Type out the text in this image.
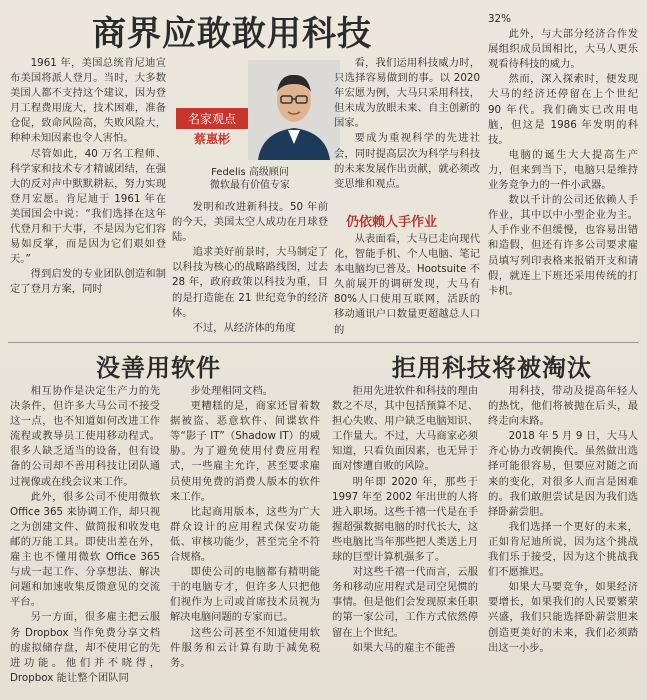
商界应敢敢用科技

1961 年，美国总统肯尼迪宣布美国将派人登月。当时，大多数美国人都不支持这个建议，因为登月工程费用庞大，技术困难，准备仓促，致命风险高，失败风险大，种种未知因素也令人害怕。

尽管如此，40 万名工程师、科学家和技术专才精诚团结，在强大的反对声中默默耕耘，努力实现登月宏愿。肯尼迪于 1961 年在美国国会中说：“我们选择在这年代登月和干大事，不是因为它们容易如反掌，而是因为它们艰如登天。”

得到启发的专业团队创造和制定了登月方案，同时

名家观点
蔡惠彬
Fedelis 高级顾问
微软最有价值专家

发明和改进新科技。50 年前的今天，美国太空人成功在月球登陆。

追求美好前景时，大马制定了以科技为核心的战略路线图，过去 28 年，政府政策以科技为重，目的是打造能在 21 世纪竞争的经济体。

不过，从经济体的角度

看，我们运用科技威力时，只选择容易做到的事。以 2020 年宏愿为例，大马只采用科技，但未成为放眼未来、自主创新的国家。

要成为重视科学的先进社会，同时提高层次为科学与科技的未来发展作出贡献，就必须改变思维和观点。

仍依赖人手作业

从表面看，大马已走向现代化，智能手机、个人电脑、笔记本电脑均已普及。Hootsuite 不久前展开的调研发现，大马有 80%人口使用互联网，活跃的移动通讯户口数量更超越总人口的

32%

此外，与大部分经济合作发展组织成员国相比，大马人更乐观看待科技的威力。

然而，深入探索时，便发现大马的经济还停留在上个世纪 90 年代。我们确实已改用电脑，但这是 1986 年发明的科技。

电脑的诞生大大提高生产力，但来到当下，电脑只是维持业务竞争力的一件小武器。

数以千计的公司还依赖人手作业，其中以中小型企业为主。人手作业不但缓慢，也容易出错和造假，但还有许多公司要求雇员填写列印表格来报销开支和请假，就连上下班还采用传统的打卡机。

没善用软件	拒用科技将被淘汰

相互协作是决定生产力的先决条件，但许多大马公司不接受这一点，也不知道如何改进工作流程或教导员工使用移动程式。很多人缺乏适当的设备，但有设备的公司却不善用科技让团队通过视像或在线会议来工作。

此外，很多公司不使用微软 Office 365 来协调工作，却只视之为创建文件、做简报和收发电邮的万能工具。即使出差在外，雇主也不懂用微软 Office 365 与成一起工作、分享想法、解决问题和加速收集反馈意见的交流平台。

另一方面，很多雇主把云服务 Dropbox 当作免费分享文档的虚拟储存盘，却不使用它的先进功能。他们并不晓得，Dropbox 能让整个团队同

步处理相同文档。

更糟糕的是，商家还冒着数据被盗、恶意软件、间谍软件等“影子 IT”（Shadow IT）的威胁。为了避免使用付费应用程式，一些雇主允许，甚至要求雇员使用免费的消费人版本的软件来工作。

比起商用版本，这些为广大群众设计的应用程式保安功能低、审核功能少，甚至完全不符合规格。

即使公司的电脑都有精明能干的电脑专才，但许多人只把他们视作为上司或首席技术员视为解决电脑问题的专家而已。

这些公司甚至不知道使用软件服务和云计算有助于减免税务。

拒用先进软件和科技的理由数之不尽，其中包括预算不足、担心失败、用户缺乏电脑知识、工作量大。不过，大马商家必须知道，只看负面因素，也无异于面对惨遭自败的风险。

明年即 2020 年，那些于 1997 年至 2002 年出世的人将进入职场。这些千禧一代是在手握超强数据电脑的时代长大，这些电脑比当年那些把人类送上月球的巨型计算机强多了。

对这些千禧一代而言，云服务和移动应用程式是司空见惯的事情。但是他们会发现原来任职的第一家公司，工作方式依然停留在上个世纪。

如果大马的雇主不能善

用科技，带动及提高年轻人的热忱，他们将被抛在后头，最终走向末路。

2018 年 5 月 9 日，大马人齐心协力改朝换代。虽然做出选择可能很容易，但要应对随之而来的变化，对很多人而言是困难的。我们敢胆尝试是因为我们选择卧薪尝胆。

我们选择一个更好的未来，正如肯尼迪所说，因为这个挑战我们乐于接受，因为这个挑战我们不愿推迟。

如果大马要竞争，如果经济要增长，如果我们的人民要繁荣兴盛，我们只能选择卧薪尝胆来创造更美好的未来，我们必须踏出这一小步。
